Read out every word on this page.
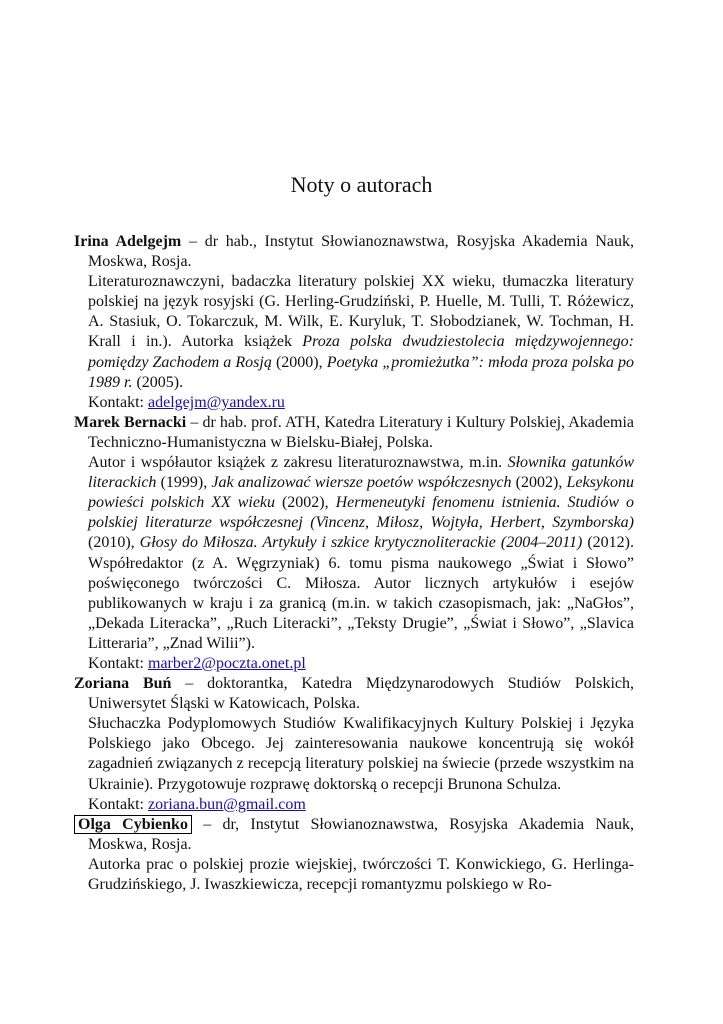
Noty o autorach

Irina Adelgejm – dr hab., Instytut Słowianoznawstwa, Rosyjska Akademia Nauk, Moskwa, Rosja.

Literaturoznawczyni, badaczka literatury polskiej XX wieku, tłumaczka literatury polskiej na język rosyjski (G. Herling-Grudziński, P. Huelle, M. Tulli, T. Różewicz, A. Stasiuk, O. Tokarczuk, M. Wilk, E. Kuryluk, T. Słobodzianek, W. Tochman, H. Krall i in.). Autorka książek Proza polska dwudziestolecia międzywojennego: pomiędzy Zachodem a Rosją (2000), Poetyka „promieżutka”: młoda proza polska po 1989 r. (2005).

Kontakt: adelgejm@yandex.ru

Marek Bernacki – dr hab. prof. ATH, Katedra Literatury i Kultury Polskiej, Akademia Techniczno-Humanistyczna w Bielsku-Białej, Polska.

Autor i współautor książek z zakresu literaturoznawstwa, m.in. Słownika gatunków literackich (1999), Jak analizować wiersze poetów współczesnych (2002), Leksykonu powieści polskich XX wieku (2002), Hermeneutyki fenomenu istnienia. Studiów o polskiej literaturze współczesnej (Vincenz, Miłosz, Wojtyła, Herbert, Szymborska) (2010), Głosy do Miłosza. Artykuły i szkice krytycznoliterackie (2004–2011) (2012). Współredaktor (z A. Węgrzyniak) 6. tomu pisma naukowego „Świat i Słowo” poświęconego twórczości C. Miłosza. Autor licznych artykułów i esejów publikowanych w kraju i za granicą (m.in. w takich czasopismach, jak: „NaGłos”, „Dekada Literacka”, „Ruch Literacki”, „Teksty Drugie”, „Świat i Słowo”, „Slavica Litteraria”, „Znad Wilii”).

Kontakt: marber2@poczta.onet.pl

Zoriana Buń – doktorantka, Katedra Międzynarodowych Studiów Polskich, Uniwersytet Śląski w Katowicach, Polska.

Słuchaczka Podyplomowych Studiów Kwalifikacyjnych Kultury Polskiej i Języka Polskiego jako Obcego. Jej zainteresowania naukowe koncentrują się wokół zagadnień związanych z recepcją literatury polskiej na świecie (przede wszystkim na Ukrainie). Przygotowuje rozprawę doktorską o recepcji Brunona Schulza.

Kontakt: zoriana.bun@gmail.com

Olga Cybienko – dr, Instytut Słowianoznawstwa, Rosyjska Akademia Nauk, Moskwa, Rosja.

Autorka prac o polskiej prozie wiejskiej, twórczości T. Konwickiego, G. Herlinga-Grudzińskiego, J. Iwaszkiewicza, recepcji romantyzmu polskiego w Ro-
